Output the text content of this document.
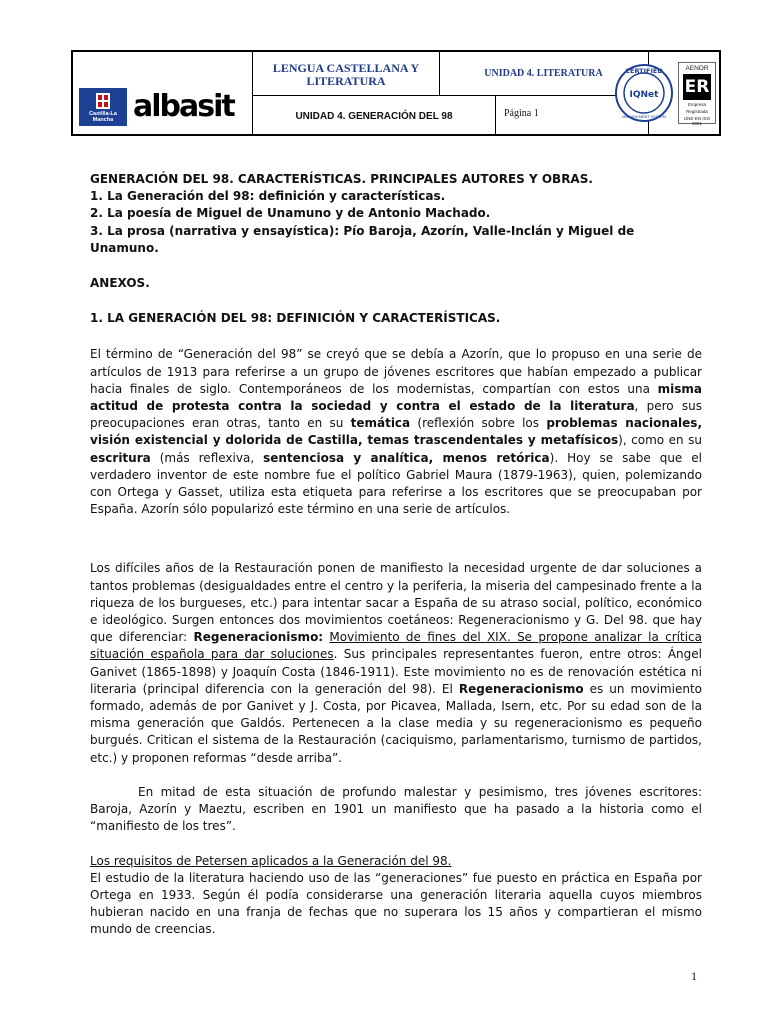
Castilla-La Mancha albasit
LENGUA CASTELLANA Y LITERATURA	UNIDAD 4. LITERATURA
UNIDAD 4. GENERACIÓN DEL 98	Página 1
CERTIFIED
IQNet
MANAGEMENT SYSTEM
AENOR
ER
Empresa
Registrada
UNE-EN ISO 9001

GENERACIÓN DEL 98. CARACTERÍSTICAS. PRINCIPALES AUTORES Y OBRAS.

1. La Generación del 98: definición y características.

2. La poesía de Miguel de Unamuno y de Antonio Machado.

3. La prosa (narrativa y ensayística): Pío Baroja, Azorín, Valle-Inclán y Miguel de Unamuno.

ANEXOS.

1. LA GENERACIÓN DEL 98: DEFINICIÓN Y CARACTERÍSTICAS.

El término de “Generación del 98” se creyó que se debía a Azorín, que lo propuso en una serie de artículos de 1913 para referirse a un grupo de jóvenes escritores que habían empezado a publicar hacia finales de siglo. Contemporáneos de los modernistas, compartían con estos una misma actitud de protesta contra la sociedad y contra el estado de la literatura, pero sus preocupaciones eran otras, tanto en su temática (reflexión sobre los problemas nacionales, visión existencial y dolorida de Castilla, temas trascendentales y metafísicos), como en su escritura (más reflexiva, sentenciosa y analítica, menos retórica). Hoy se sabe que el verdadero inventor de este nombre fue el político Gabriel Maura (1879-1963), quien, polemizando con Ortega y Gasset, utiliza esta etiqueta para referirse a los escritores que se preocupaban por España. Azorín sólo popularizó este término en una serie de artículos.

Los difíciles años de la Restauración ponen de manifiesto la necesidad urgente de dar soluciones a tantos problemas (desigualdades entre el centro y la periferia, la miseria del campesinado frente a la riqueza de los burgueses, etc.) para intentar sacar a España de su atraso social, político, económico e ideológico. Surgen entonces dos movimientos coetáneos: Regeneracionismo y G. Del 98. que hay que diferenciar: Regeneracionismo: Movimiento de fines del XIX. Se propone analizar la crítica situación española para dar soluciones. Sus principales representantes fueron, entre otros: Ángel Ganivet (1865-1898) y Joaquín Costa (1846-1911). Este movimiento no es de renovación estética ni literaria (principal diferencia con la generación del 98). El Regeneracionismo es un movimiento formado, además de por Ganivet y J. Costa, por Picavea, Mallada, Isern, etc. Por su edad son de la misma generación que Galdós. Pertenecen a la clase media y su regeneracionismo es pequeño burgués. Critican el sistema de la Restauración (caciquismo, parlamentarismo, turnismo de partidos, etc.) y proponen reformas “desde arriba”.

En mitad de esta situación de profundo malestar y pesimismo, tres jóvenes escritores: Baroja, Azorín y Maeztu, escriben en 1901 un manifiesto que ha pasado a la historia como el “manifiesto de los tres”.

Los requisitos de Petersen aplicados a la Generación del 98.

El estudio de la literatura haciendo uso de las “generaciones” fue puesto en práctica en España por Ortega en 1933. Según él podía considerarse una generación literaria aquella cuyos miembros hubieran nacido en una franja de fechas que no superara los 15 años y compartieran el mismo mundo de creencias.

1
